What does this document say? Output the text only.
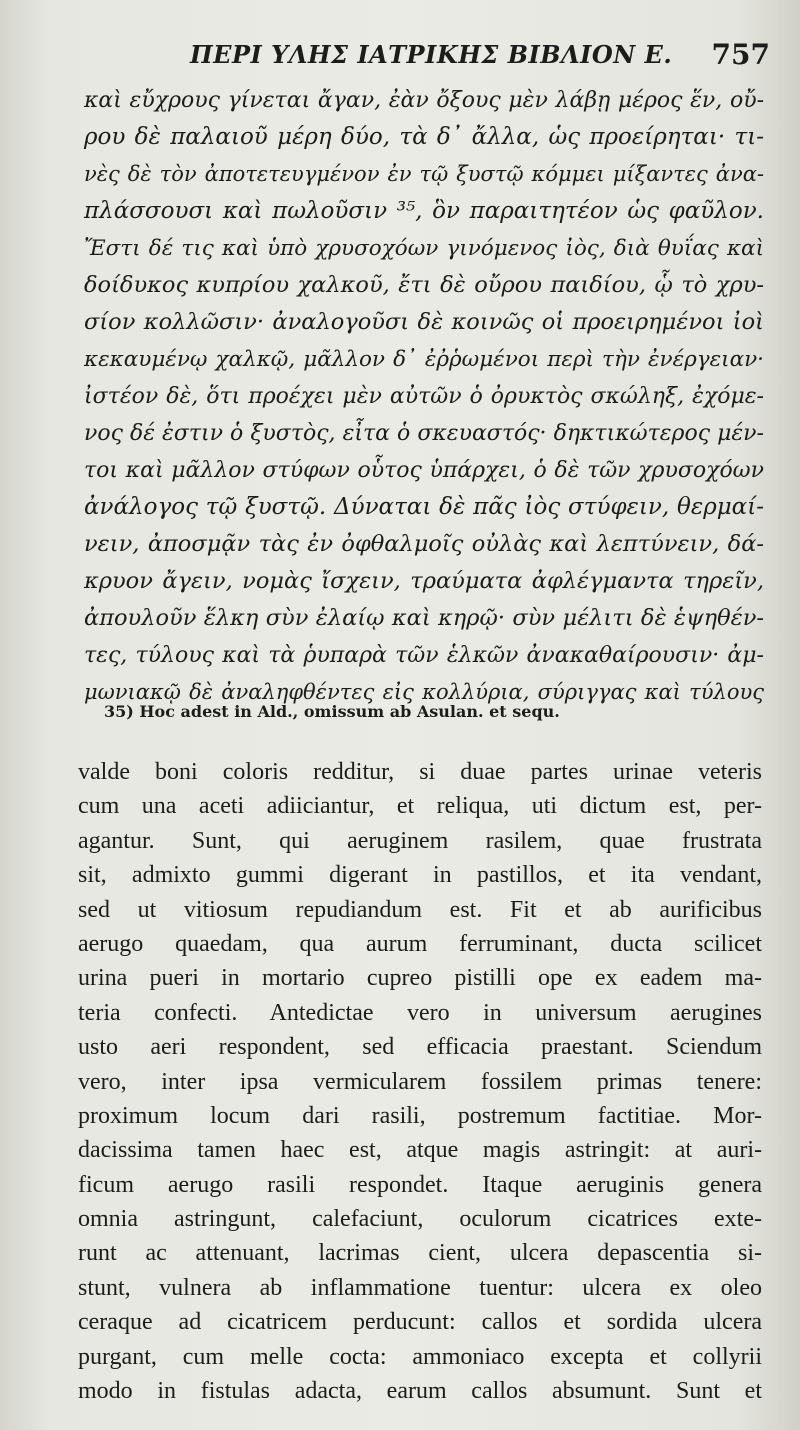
ΠΕΡΙ ΥΛΗΣ ΙΑΤΡΙΚΗΣ ΒΙΒΛΙΟΝ Ε. 757
καὶ εὔχρους γίνεται ἄγαν, ἐὰν ὄξους μὲν λάβῃ μέρος ἕν, οὔ-
ρου δὲ παλαιοῦ μέρη δύο, τὰ δ᾽ ἄλλα, ὡς προείρηται· τι-
νὲς δὲ τὸν ἀποτετευγμένον ἐν τῷ ξυστῷ κόμμει μίξαντες ἀνα-
πλάσσουσι καὶ πωλοῦσιν ³⁵, ὃν παραιτητέον ὡς φαῦλον.
Ἔστι δέ τις καὶ ὑπὸ χρυσοχόων γινόμενος ἰὸς, διὰ θυΐας καὶ
δοίδυκος κυπρίου χαλκοῦ, ἔτι δὲ οὔρου παιδίου, ᾧ τὸ χρυ-
σίον κολλῶσιν· ἀναλογοῦσι δὲ κοινῶς οἱ προειρημένοι ἰοὶ
κεκαυμένῳ χαλκῷ, μᾶλλον δ᾽ ἐῤῥωμένοι περὶ τὴν ἐνέργειαν·
ἰστέον δὲ, ὅτι προέχει μὲν αὐτῶν ὁ ὀρυκτὸς σκώληξ, ἐχόμε-
νος δέ ἐστιν ὁ ξυστὸς, εἶτα ὁ σκευαστός· δηκτικώτερος μέν-
τοι καὶ μᾶλλον στύφων οὗτος ὑπάρχει, ὁ δὲ τῶν χρυσοχόων
ἀνάλογος τῷ ξυστῷ. Δύναται δὲ πᾶς ἰὸς στύφειν, θερμαί-
νειν, ἀποσμᾷν τὰς ἐν ὀφθαλμοῖς οὐλὰς καὶ λεπτύνειν, δά-
κρυον ἄγειν, νομὰς ἴσχειν, τραύματα ἀφλέγμαντα τηρεῖν,
ἀπουλοῦν ἕλκη σὺν ἐλαίῳ καὶ κηρῷ· σὺν μέλιτι δὲ ἑψηθέν-
τες, τύλους καὶ τὰ ῥυπαρὰ τῶν ἑλκῶν ἀνακαθαίρουσιν· ἀμ-
μωνιακῷ δὲ ἀναληφθέντες εἰς κολλύρια, σύριγγας καὶ τύλους
35) Hoc adest in Ald., omissum ab Asulan. et sequ.
valde boni coloris redditur, si duae partes urinae veteris
cum una aceti adiiciantur, et reliqua, uti dictum est, per-
agantur. Sunt, qui aeruginem rasilem, quae frustrata
sit, admixto gummi digerant in pastillos, et ita vendant,
sed ut vitiosum repudiandum est. Fit et ab aurificibus
aerugo quaedam, qua aurum ferruminant, ducta scilicet
urina pueri in mortario cupreo pistilli ope ex eadem ma-
teria confecti. Antedictae vero in universum aerugines
usto aeri respondent, sed efficacia praestant. Sciendum
vero, inter ipsa vermicularem fossilem primas tenere:
proximum locum dari rasili, postremum factitiae. Mor-
dacissima tamen haec est, atque magis astringit: at auri-
ficum aerugo rasili respondet. Itaque aeruginis genera
omnia astringunt, calefaciunt, oculorum cicatrices exte-
runt ac attenuant, lacrimas cient, ulcera depascentia si-
stunt, vulnera ab inflammatione tuentur: ulcera ex oleo
ceraque ad cicatricem perducunt: callos et sordida ulcera
purgant, cum melle cocta: ammoniaco excepta et collyrii
modo in fistulas adacta, earum callos absumunt. Sunt et
